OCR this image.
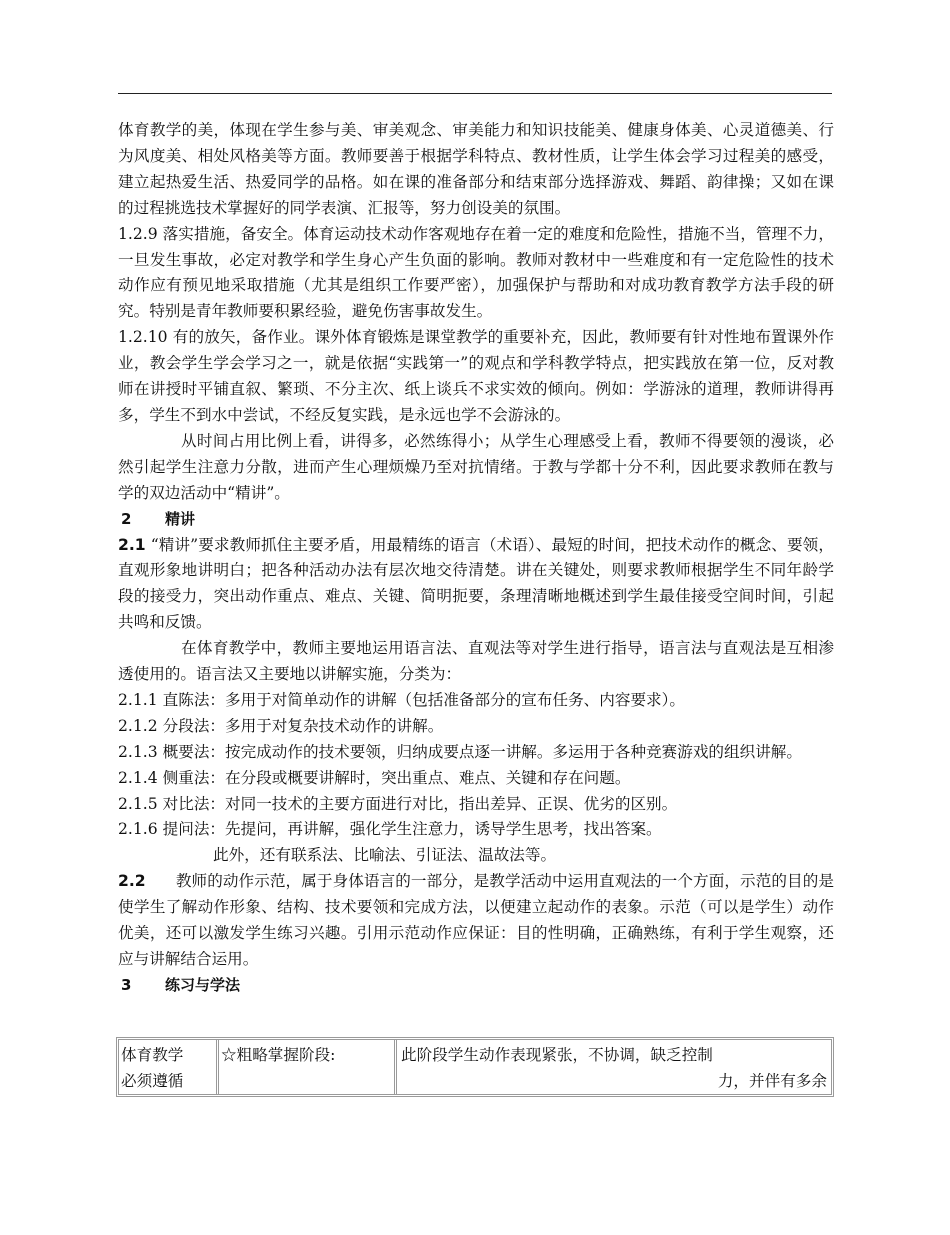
体育教学的美，体现在学生参与美、审美观念、审美能力和知识技能美、健康身体美、心灵道德美、行为风度美、相处风格美等方面。教师要善于根据学科特点、教材性质，让学生体会学习过程美的感受，建立起热爱生活、热爱同学的品格。如在课的准备部分和结束部分选择游戏、舞蹈、韵律操；又如在课的过程挑选技术掌握好的同学表演、汇报等，努力创设美的氛围。

1.2.9 落实措施，备安全。体育运动技术动作客观地存在着一定的难度和危险性，措施不当，管理不力，一旦发生事故，必定对教学和学生身心产生负面的影响。教师对教材中一些难度和有一定危险性的技术动作应有预见地采取措施（尤其是组织工作要严密），加强保护与帮助和对成功教育教学方法手段的研究。特别是青年教师要积累经验，避免伤害事故发生。

1.2.10 有的放矢，备作业。课外体育锻炼是课堂教学的重要补充，因此，教师要有针对性地布置课外作业，教会学生学会学习之一，就是依据“实践第一”的观点和学科教学特点，把实践放在第一位，反对教师在讲授时平铺直叙、繁琐、不分主次、纸上谈兵不求实效的倾向。例如：学游泳的道理，教师讲得再多，学生不到水中尝试，不经反复实践，是永远也学不会游泳的。

从时间占用比例上看，讲得多，必然练得小；从学生心理感受上看，教师不得要领的漫谈，必然引起学生注意力分散，进而产生心理烦燥乃至对抗情绪。于教与学都十分不利，因此要求教师在教与学的双边活动中“精讲”。

2 精讲

2.1 “精讲”要求教师抓住主要矛盾，用最精练的语言（术语）、最短的时间，把技术动作的概念、要领，直观形象地讲明白；把各种活动办法有层次地交待清楚。讲在关键处，则要求教师根据学生不同年龄学段的接受力，突出动作重点、难点、关键、简明扼要，条理清晰地概述到学生最佳接受空间时间，引起共鸣和反馈。

在体育教学中，教师主要地运用语言法、直观法等对学生进行指导，语言法与直观法是互相渗透使用的。语言法又主要地以讲解实施，分类为：

2.1.1 直陈法：多用于对简单动作的讲解（包括准备部分的宣布任务、内容要求）。

2.1.2 分段法：多用于对复杂技术动作的讲解。

2.1.3 概要法：按完成动作的技术要领，归纳成要点逐一讲解。多运用于各种竞赛游戏的组织讲解。

2.1.4 侧重法：在分段或概要讲解时，突出重点、难点、关键和存在问题。

2.1.5 对比法：对同一技术的主要方面进行对比，指出差异、正误、优劣的区别。

2.1.6 提问法：先提问，再讲解，强化学生注意力，诱导学生思考，找出答案。

此外，还有联系法、比喻法、引证法、温故法等。

2.2 教师的动作示范，属于身体语言的一部分，是教学活动中运用直观法的一个方面，示范的目的是使学生了解动作形象、结构、技术要领和完成方法，以便建立起动作的表象。示范（可以是学生）动作优美，还可以激发学生练习兴趣。引用示范动作应保证：目的性明确，正确熟练，有利于学生观察，还应与讲解结合运用。

3 练习与学法

体育教学
必须遵循
☆粗略掌握阶段:	此阶段学生动作表现紧张，不协调，缺乏控制
力，并伴有多余
